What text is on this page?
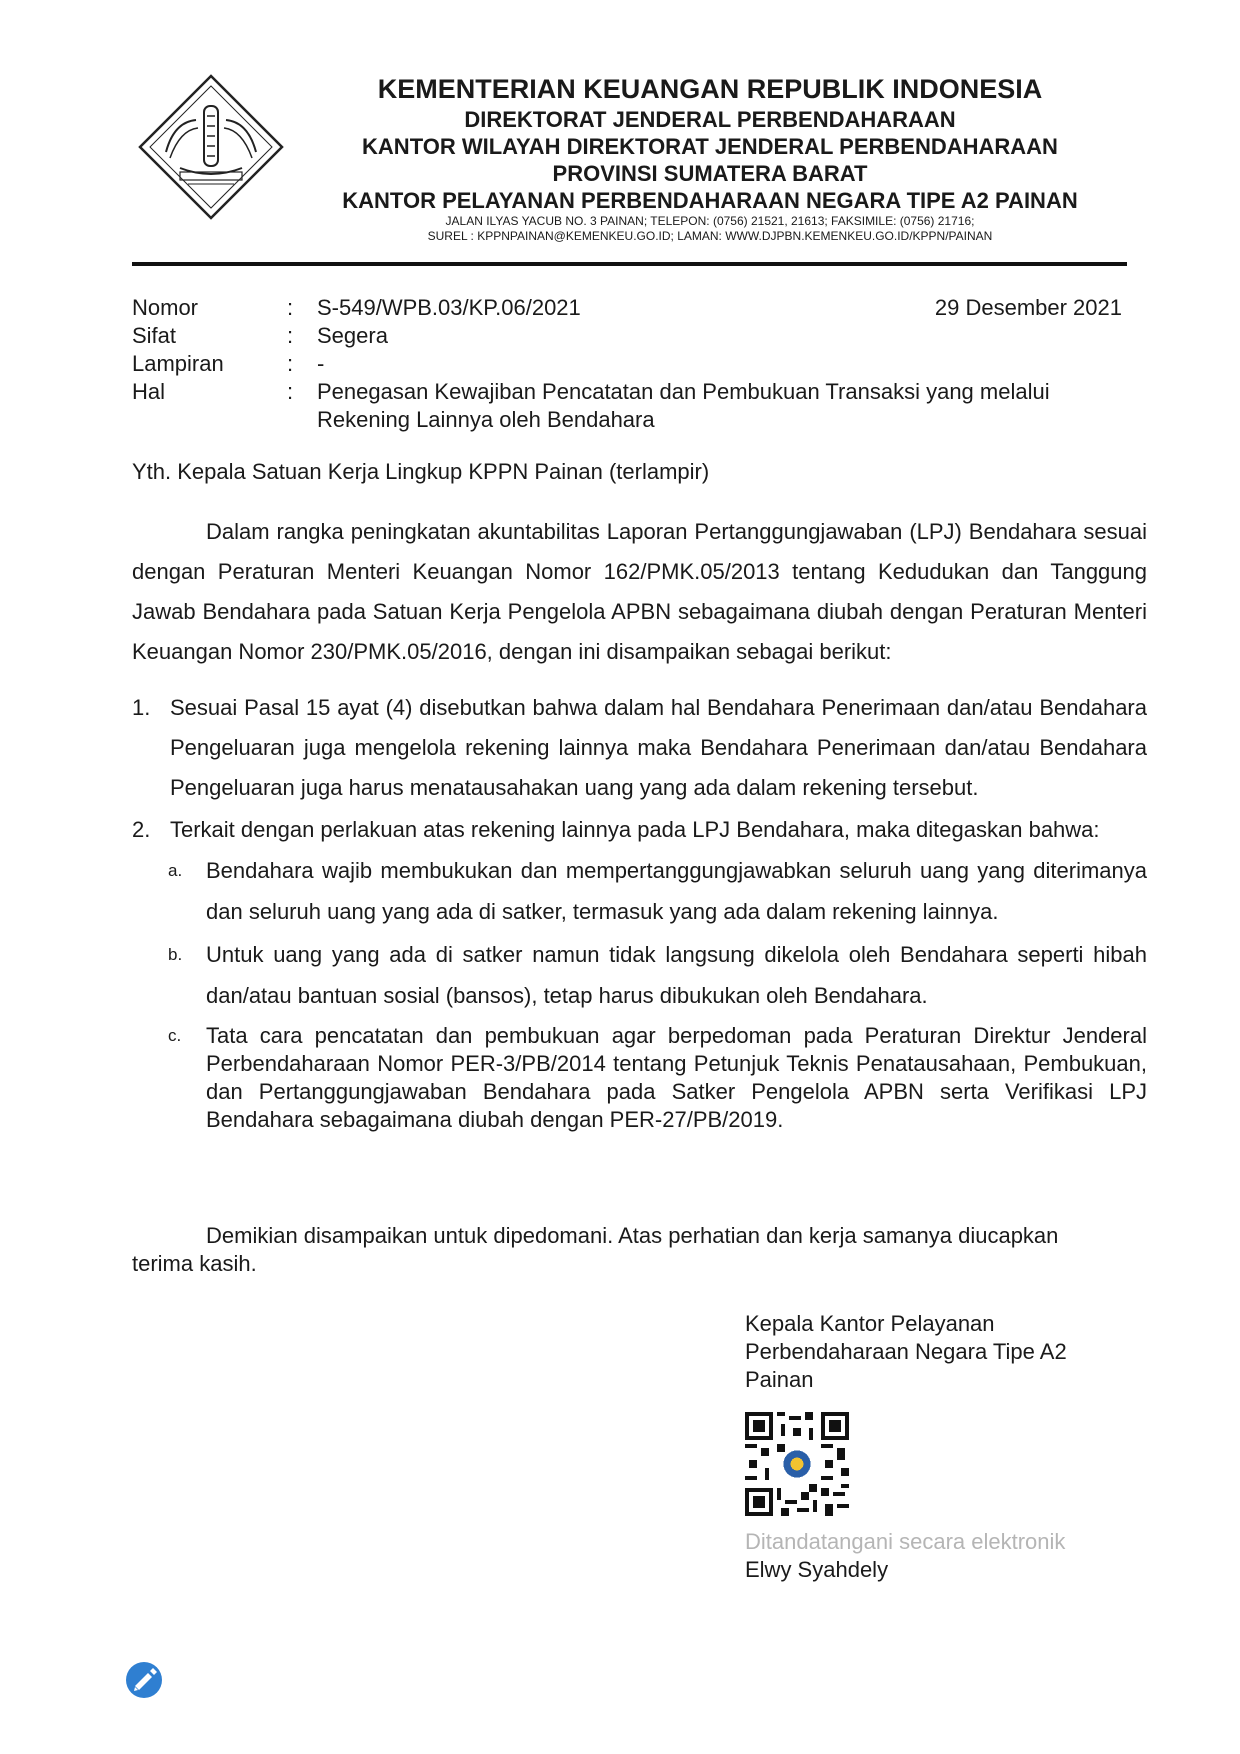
KEMENTERIAN KEUANGAN REPUBLIK INDONESIA
DIREKTORAT JENDERAL PERBENDAHARAAN
KANTOR WILAYAH DIREKTORAT JENDERAL PERBENDAHARAAN
PROVINSI SUMATERA BARAT
KANTOR PELAYANAN PERBENDAHARAAN NEGARA TIPE A2 PAINAN
JALAN ILYAS YACUB NO. 3 PAINAN; TELEPON: (0756) 21521, 21613; FAKSIMILE: (0756) 21716;
SUREL : KPPNPAINAN@KEMENKEU.GO.ID; LAMAN: WWW.DJPBN.KEMENKEU.GO.ID/KPPN/PAINAN
Nomor	:	S-549/WPB.03/KP.06/2021	29 Desember 2021
Sifat	:	Segera
Lampiran	:	-
Hal	:	Penegasan Kewajiban Pencatatan dan Pembukuan Transaksi yang melalui
Rekening Lainnya oleh Bendahara
Yth. Kepala Satuan Kerja Lingkup KPPN Painan (terlampir)
Dalam rangka peningkatan akuntabilitas Laporan Pertanggungjawaban (LPJ) Bendahara sesuai dengan Peraturan Menteri Keuangan Nomor 162/PMK.05/2013 tentang Kedudukan dan Tanggung Jawab Bendahara pada Satuan Kerja Pengelola APBN sebagaimana diubah dengan Peraturan Menteri Keuangan Nomor 230/PMK.05/2016, dengan ini disampaikan sebagai berikut:
1. Sesuai Pasal 15 ayat (4) disebutkan bahwa dalam hal Bendahara Penerimaan dan/atau Bendahara Pengeluaran juga mengelola rekening lainnya maka Bendahara Penerimaan dan/atau Bendahara Pengeluaran juga harus menatausahakan uang yang ada dalam rekening tersebut.
2. Terkait dengan perlakuan atas rekening lainnya pada LPJ Bendahara, maka ditegaskan bahwa:
a. Bendahara wajib membukukan dan mempertanggungjawabkan seluruh uang yang diterimanya dan seluruh uang yang ada di satker, termasuk yang ada dalam rekening lainnya.
b. Untuk uang yang ada di satker namun tidak langsung dikelola oleh Bendahara seperti hibah dan/atau bantuan sosial (bansos), tetap harus dibukukan oleh Bendahara.
c. Tata cara pencatatan dan pembukuan agar berpedoman pada Peraturan Direktur Jenderal Perbendaharaan Nomor PER-3/PB/2014 tentang Petunjuk Teknis Penatausahaan, Pembukuan, dan Pertanggungjawaban Bendahara pada Satker Pengelola APBN serta Verifikasi LPJ Bendahara sebagaimana diubah dengan PER-27/PB/2019.
Demikian disampaikan untuk dipedomani. Atas perhatian dan kerja samanya diucapkan
terima kasih.
Kepala Kantor Pelayanan
Perbendaharaan Negara Tipe A2
Painan
Ditandatangani secara elektronik
Elwy Syahdely
